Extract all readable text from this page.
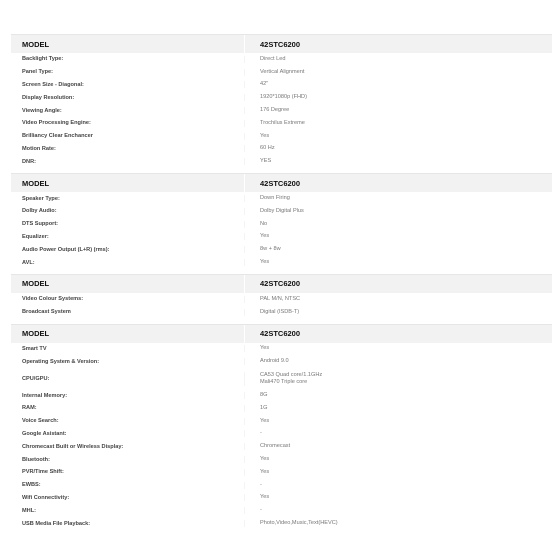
MODEL	42STC6200
Backlight Type:	Direct Led
Panel Type:	Vertical Alignment
Screen Size - Diagonal:	42"
Display Resolution:	1920*1080p (FHD)
Viewing Angle:	176 Degree
Video Processing Engine:	Trochilus Extreme
Brilliancy Clear Enchancer	Yes
Motion Rate:	60 Hz
DNR:	YES
MODEL	42STC6200
Speaker Type:	Down Firing
Dolby Audio:	Dolby Digital Plus
DTS Support:	No
Equalizer:	Yes
Audio Power Output (L+R) (rms):	8w + 8w
AVL:	Yes
MODEL	42STC6200
Video Colour Systems:	PAL M/N, NTSC
Broadcast System	Digital (ISDB-T)
MODEL	42STC6200
Smart TV	Yes
Operating System & Version:	Android 9.0
CPU/GPU:
CA53 Quad core/1.1GHz
Mali470 Triple core
Internal Memory:	8G
RAM:	1G
Voice Search:	Yes
Google Asistant:	-
Chromecast Built or Wireless Display:	Chromecast
Bluetooth:	Yes
PVR/Time Shift:	Yes
EWBS:	-
Wifi Connectivity:	Yes
MHL:	-
USB Media File Playback:	Photo,Video,Music,Text(HEVC)
